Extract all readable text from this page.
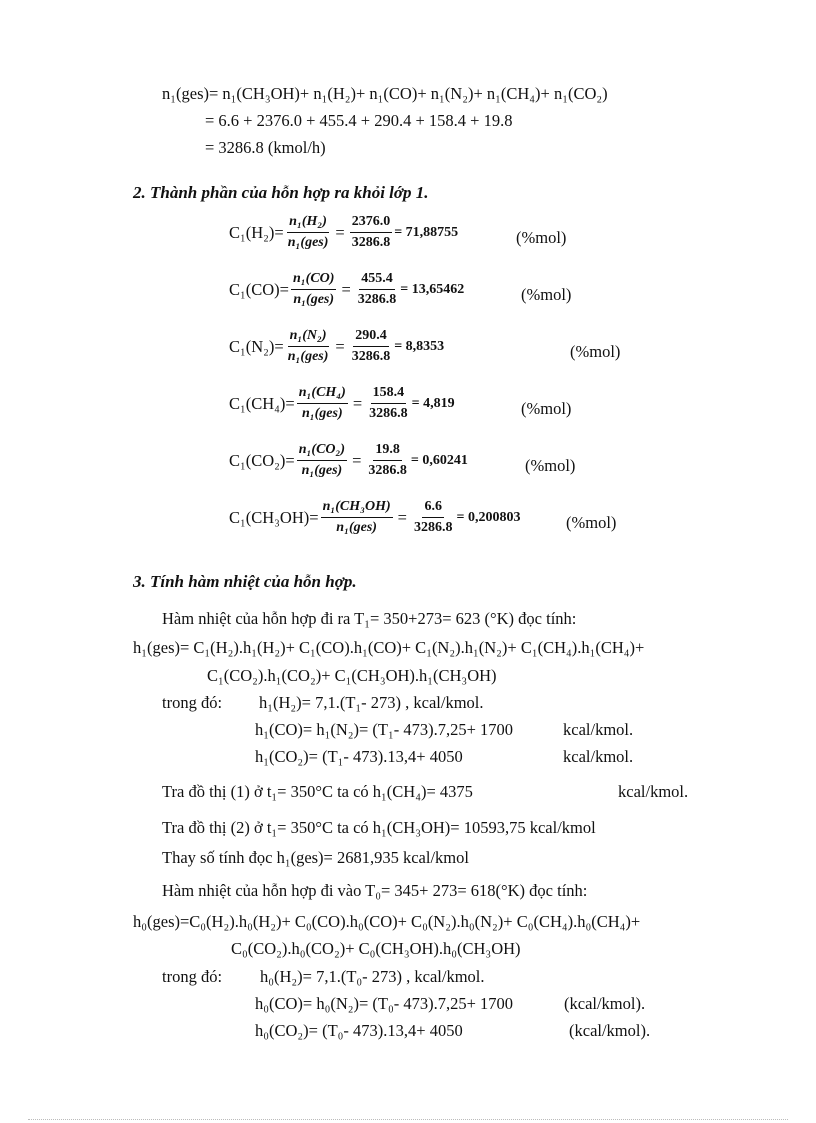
n₁(ges)= n₁(CH₃OH)+ n₁(H₂)+ n₁(CO)+ n₁(N₂)+ n₁(CH₄)+ n₁(CO₂)
= 6.6 + 2376.0 + 455.4 + 290.4 + 158.4 + 19.8
= 3286.8 (kmol/h)
2. Thành phần của hỗn hợp ra khỏi lớp 1.
$C_1(H_2)= \frac{\text{n₁(H₂)}}{\text{n₁(ges)}} = \frac{2376.0}{3286.8} = 71,88755$	(%mol)
$C_1(CO)= \frac{\text{n₁(CO)}}{\text{n₁(ges)}} = \frac{455.4}{3286.8} = 13,65462$	(%mol)
$C_1(N_2)= \frac{\text{n₁(N₂)}}{\text{n₁(ges)}} = \frac{290.4}{3286.8} = 8,8353$	(%mol)
$C_1(CH_4)= \frac{\text{n₁(CH₄)}}{\text{n₁(ges)}} = \frac{158.4}{3286.8} = 4,819$	(%mol)
$C_1(CO_2)= \frac{\text{n₁(CO₂)}}{\text{n₁(ges)}} = \frac{19.8}{3286.8} = 0,60241$	(%mol)
$C_1(CH_3OH)= \frac{\text{n₁(CH₃OH)}}{\text{n₁(ges)}} = \frac{6.6}{3286.8} = 0,200803$	(%mol)
3. Tính hàm nhiệt của hỗn hợp.
Hàm nhiệt của hỗn hợp đi ra T₁= 350+273= 623 (°K) đọc tính:
h₁(ges)= C₁(H₂).h₁(H₂)+ C₁(CO).h₁(CO)+ C₁(N₂).h₁(N₂)+ C₁(CH₄).h₁(CH₄)+
C₁(CO₂).h₁(CO₂)+ C₁(CH₃OH).h₁(CH₃OH)
trong đó: h₁(H₂)= 7,1.(T₁- 273) , kcal/kmol.
h₁(CO)= h₁(N₂)= (T₁- 473).7,25+ 1700	kcal/kmol.
h₁(CO₂)= (T₁- 473).13,4+ 4050	kcal/kmol.
Tra đồ thị (1) ở t₁= 350°C ta có h₁(CH₄)= 4375	kcal/kmol.
Tra đồ thị (2) ở t₁= 350°C ta có h₁(CH₃OH)= 10593,75 kcal/kmol
Thay số tính đọc h₁(ges)= 2681,935 kcal/kmol
Hàm nhiệt của hỗn hợp đi vào T₀= 345+ 273= 618(°K) đọc tính:
h₀(ges)=C₀(H₂).h₀(H₂)+ C₀(CO).h₀(CO)+ C₀(N₂).h₀(N₂)+ C₀(CH₄).h₀(CH₄)+
C₀(CO₂).h₀(CO₂)+ C₀(CH₃OH).h₀(CH₃OH)
trong đó: h₀(H₂)= 7,1.(T₀- 273) , kcal/kmol.
h₀(CO)= h₀(N₂)= (T₀- 473).7,25+ 1700	(kcal/kmol).
h₀(CO₂)= (T₀- 473).13,4+ 4050	(kcal/kmol).
